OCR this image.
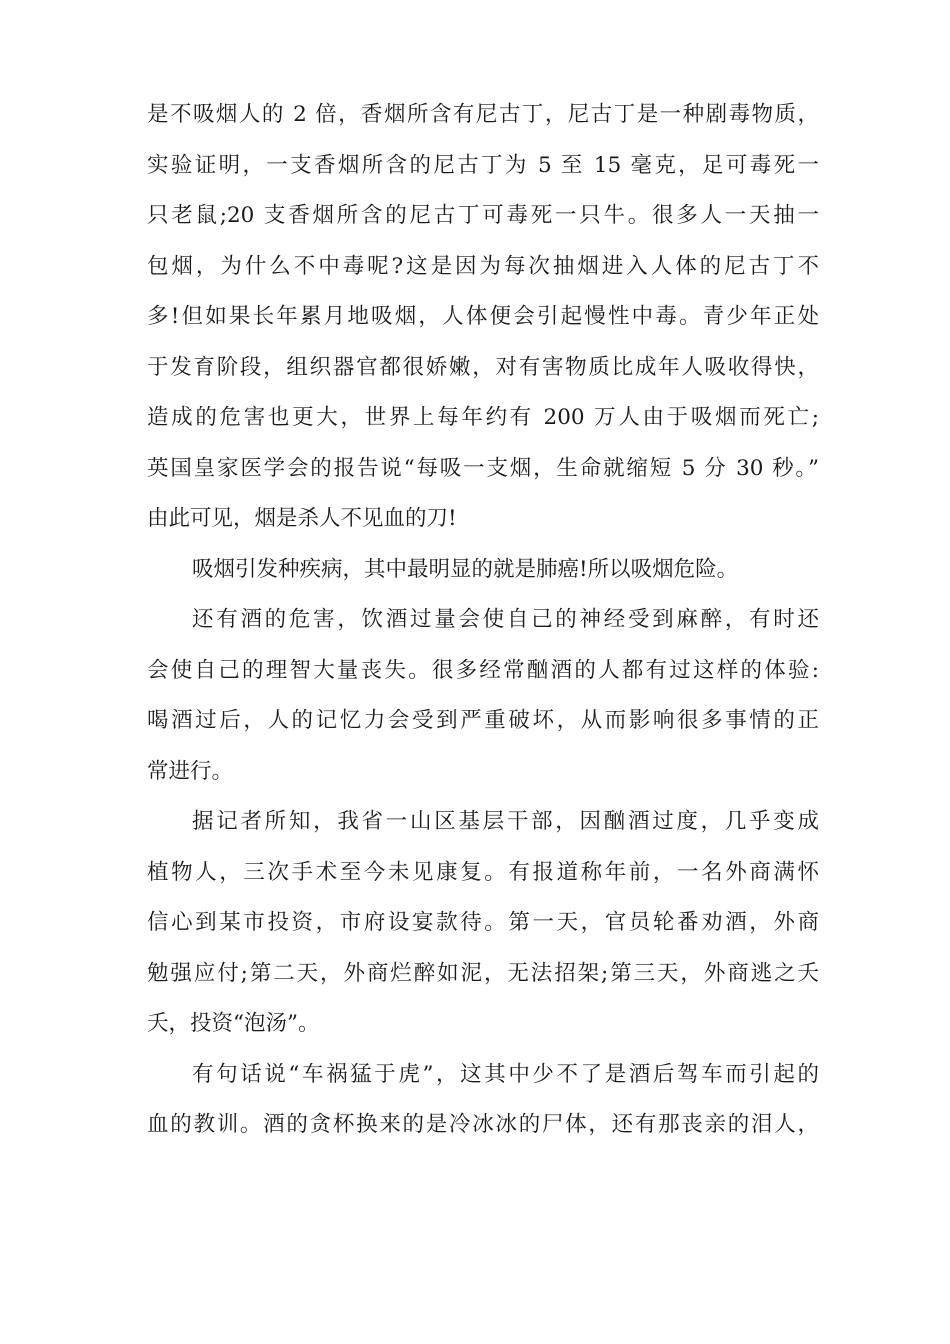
是不吸烟人的 2 倍，香烟所含有尼古丁，尼古丁是一种剧毒物质，
实验证明，一支香烟所含的尼古丁为 5 至 15 毫克，足可毒死一
只老鼠;20 支香烟所含的尼古丁可毒死一只牛。很多人一天抽一
包烟，为什么不中毒呢?这是因为每次抽烟进入人体的尼古丁不
多!但如果长年累月地吸烟，人体便会引起慢性中毒。青少年正处
于发育阶段，组织器官都很娇嫩，对有害物质比成年人吸收得快，
造成的危害也更大，世界上每年约有 200 万人由于吸烟而死亡;
英国皇家医学会的报告说“每吸一支烟，生命就缩短 5 分 30 秒。”
由此可见，烟是杀人不见血的刀!
吸烟引发种疾病，其中最明显的就是肺癌!所以吸烟危险。
还有酒的危害，饮酒过量会使自己的神经受到麻醉，有时还
会使自己的理智大量丧失。很多经常酗酒的人都有过这样的体验:
喝酒过后，人的记忆力会受到严重破坏，从而影响很多事情的正
常进行。
据记者所知，我省一山区基层干部，因酗酒过度，几乎变成
植物人，三次手术至今未见康复。有报道称年前，一名外商满怀
信心到某市投资，市府设宴款待。第一天，官员轮番劝酒，外商
勉强应付;第二天，外商烂醉如泥，无法招架;第三天，外商逃之夭
夭，投资“泡汤”。
有句话说“车祸猛于虎”，这其中少不了是酒后驾车而引起的
血的教训。酒的贪杯换来的是冷冰冰的尸体，还有那丧亲的泪人，
